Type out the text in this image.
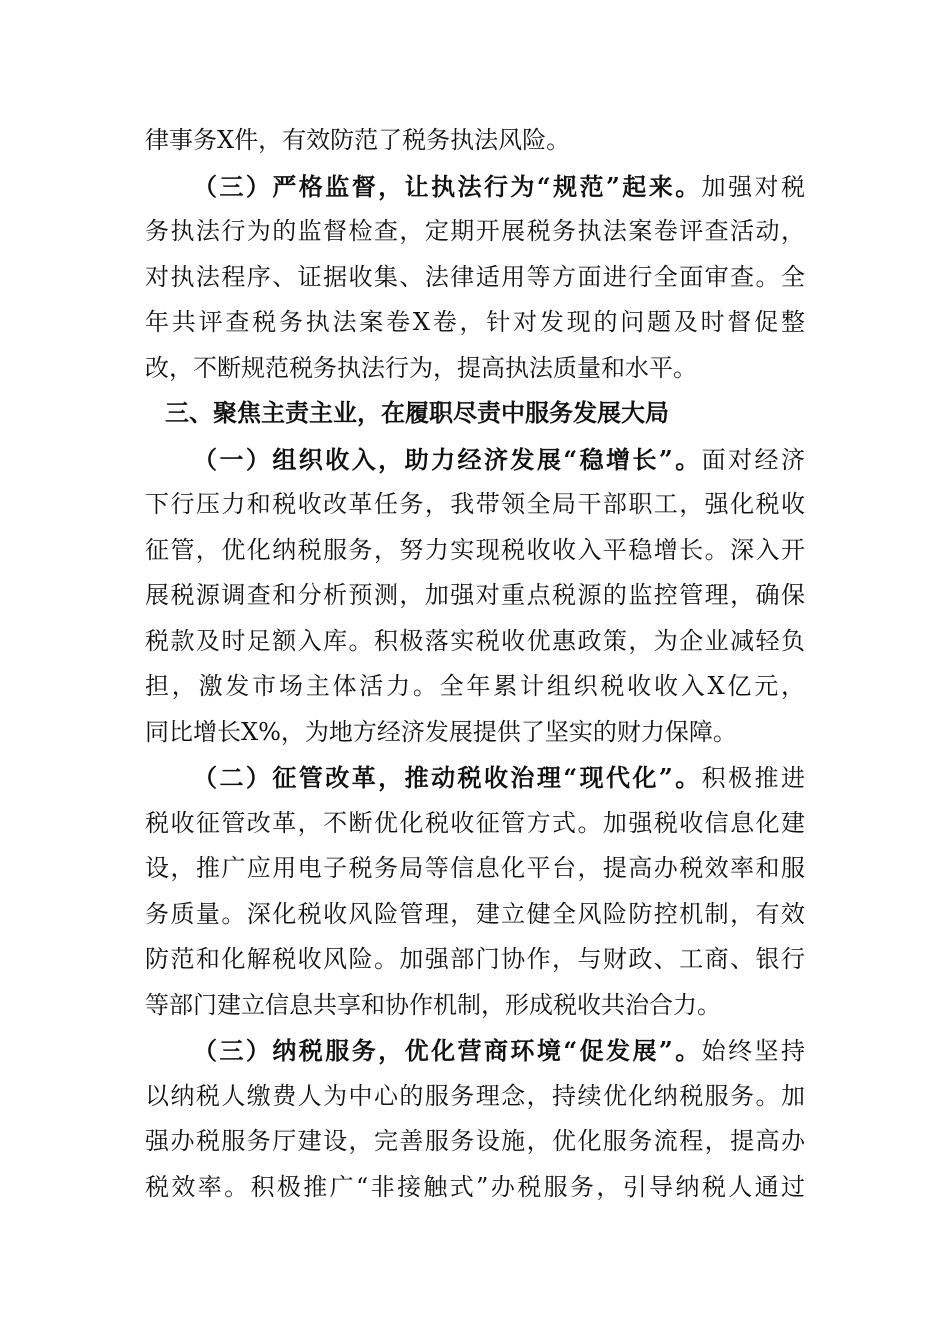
律事务X件，有效防范了税务执法风险。
（三）严格监督，让执法行为“规范”起来。加强对税
务执法行为的监督检查，定期开展税务执法案卷评查活动，
对执法程序、证据收集、法律适用等方面进行全面审查。全
年共评查税务执法案卷X卷，针对发现的问题及时督促整
改，不断规范税务执法行为，提高执法质量和水平。
三、聚焦主责主业，在履职尽责中服务发展大局
（一）组织收入，助力经济发展“稳增长”。面对经济
下行压力和税收改革任务，我带领全局干部职工，强化税收
征管，优化纳税服务，努力实现税收收入平稳增长。深入开
展税源调查和分析预测，加强对重点税源的监控管理，确保
税款及时足额入库。积极落实税收优惠政策，为企业减轻负
担，激发市场主体活力。全年累计组织税收收入X亿元，
同比增长X%，为地方经济发展提供了坚实的财力保障。
（二）征管改革，推动税收治理“现代化”。积极推进
税收征管改革，不断优化税收征管方式。加强税收信息化建
设，推广应用电子税务局等信息化平台，提高办税效率和服
务质量。深化税收风险管理，建立健全风险防控机制，有效
防范和化解税收风险。加强部门协作，与财政、工商、银行
等部门建立信息共享和协作机制，形成税收共治合力。
（三）纳税服务，优化营商环境“促发展”。始终坚持
以纳税人缴费人为中心的服务理念，持续优化纳税服务。加
强办税服务厅建设，完善服务设施，优化服务流程，提高办
税效率。积极推广“非接触式”办税服务，引导纳税人通过
